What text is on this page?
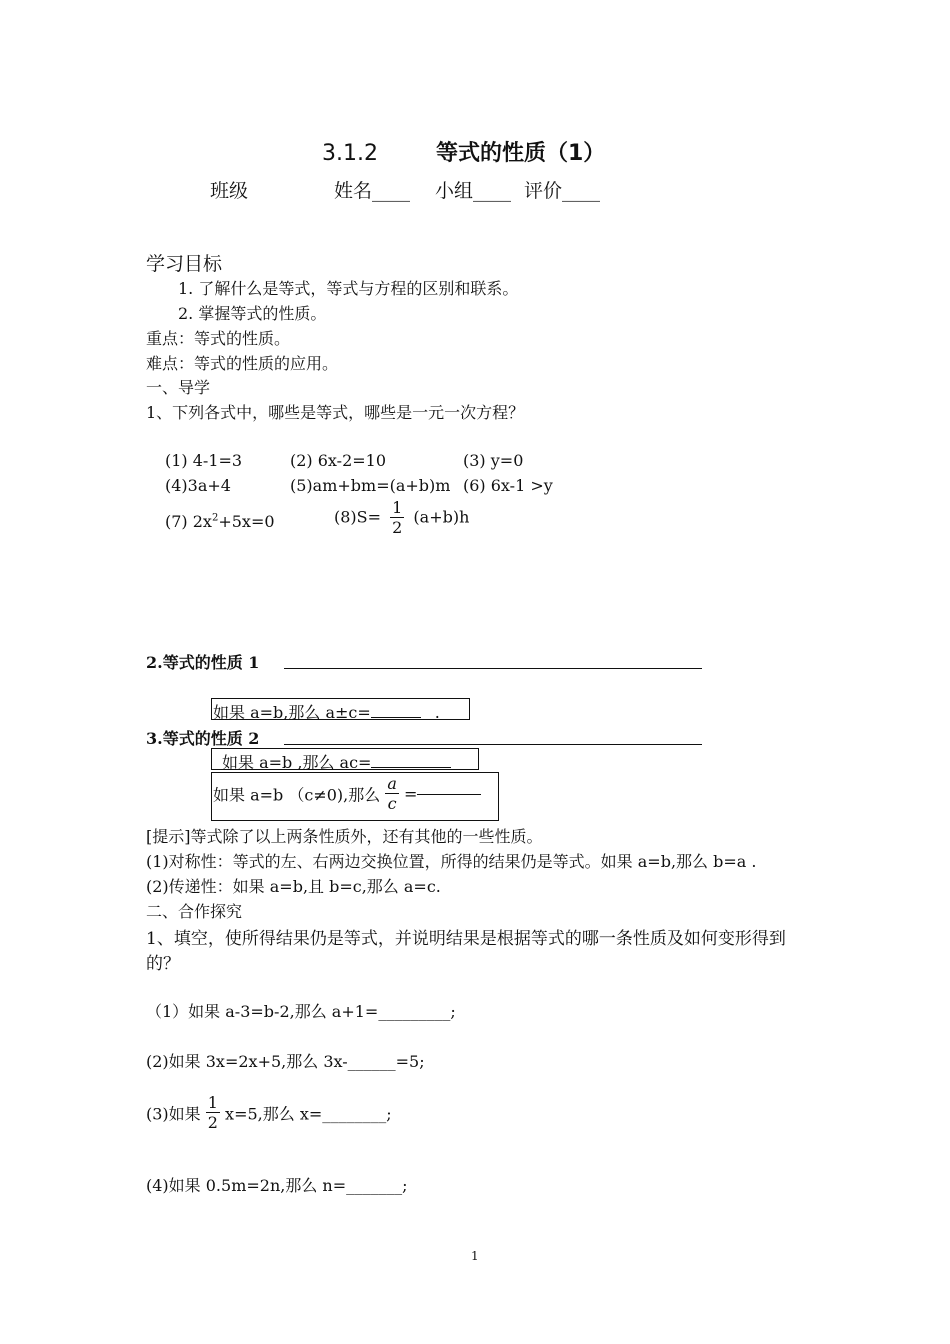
3.1.2	等式的性质（1）
班级	姓名____ 小组____ 评价____
学习目标
1. 了解什么是等式，等式与方程的区别和联系。
2. 掌握等式的性质。
重点：等式的性质。
难点：等式的性质的应用。
一、导学
1、下列各式中，哪些是等式，哪些是一元一次方程？
(1) 4-1=3	(2) 6x-2=10	(3) y=0
(4)3a+4	(5)am+bm=(a+b)m (6) 6x-1 >y
(7) $2x^2+5x=0$	$(8)S= \frac{1}{2} (a+b)h$
2.等式的性质 1
如果 a=b,那么 a±c=	.
3.等式的性质 2
如果 a=b ,那么 ac=
如果 a=b （c≠0),那么 $\frac{a}{c}$ =
[提示]等式除了以上两条性质外，还有其他的一些性质。
(1)对称性：等式的左、右两边交换位置，所得的结果仍是等式。如果 a=b,那么 b=a .
(2)传递性：如果 a=b,且 b=c,那么 a=c.
二、合作探究
1、填空，使所得结果仍是等式，并说明结果是根据等式的哪一条性质及如何变形得到
的？
（1）如果 a-3=b-2,那么 a+1=_________;
(2)如果 3x=2x+5,那么 3x-______=5;
(3)如果 $\frac{1}{2} x=5$,那么 x=________;
(4)如果 0.5m=2n,那么 n=_______;
1
